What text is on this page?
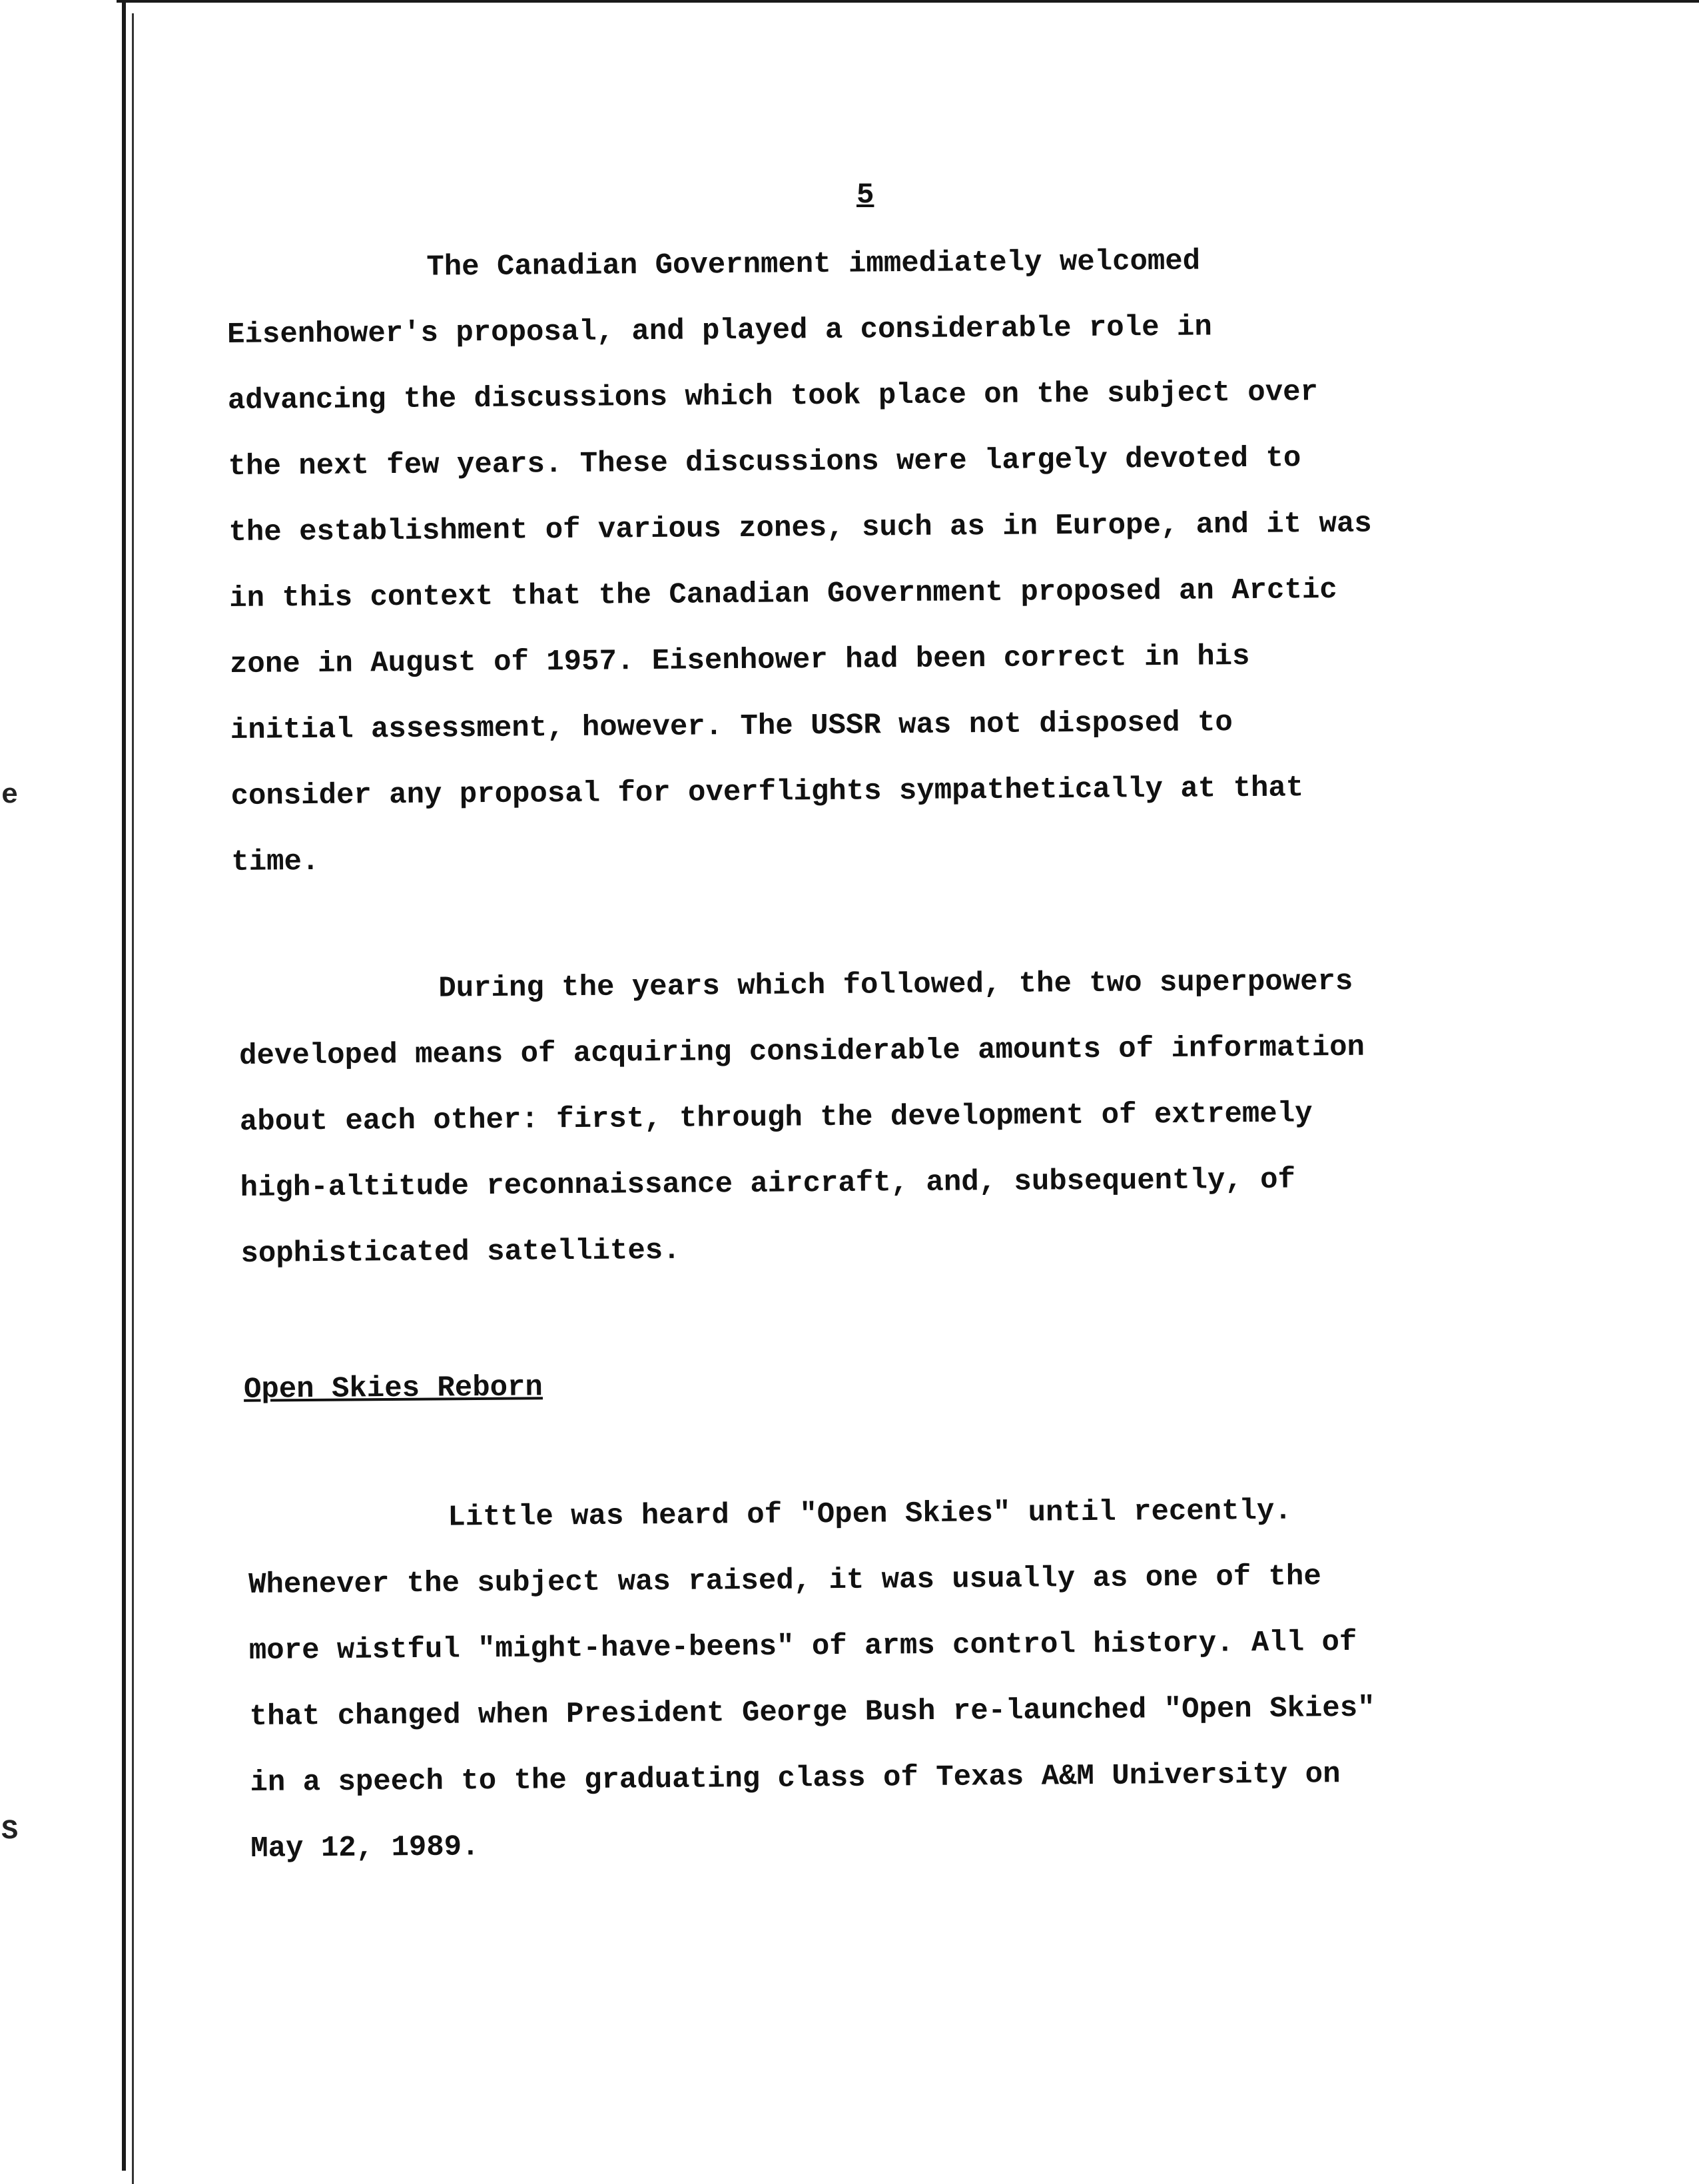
e
S
5
The Canadian Government immediately welcomed
Eisenhower's proposal, and played a considerable role in
advancing the discussions which took place on the subject over
the next few years. These discussions were largely devoted to
the establishment of various zones, such as in Europe, and it was
in this context that the Canadian Government proposed an Arctic
zone in August of 1957. Eisenhower had been correct in his
initial assessment, however. The USSR was not disposed to
consider any proposal for overflights sympathetically at that
time.
During the years which followed, the two superpowers
developed means of acquiring considerable amounts of information
about each other: first, through the development of extremely
high-altitude reconnaissance aircraft, and, subsequently, of
sophisticated satellites.
Open Skies Reborn
Little was heard of "Open Skies" until recently.
Whenever the subject was raised, it was usually as one of the
more wistful "might-have-beens" of arms control history. All of
that changed when President George Bush re-launched "Open Skies"
in a speech to the graduating class of Texas A&M University on
May 12, 1989.
